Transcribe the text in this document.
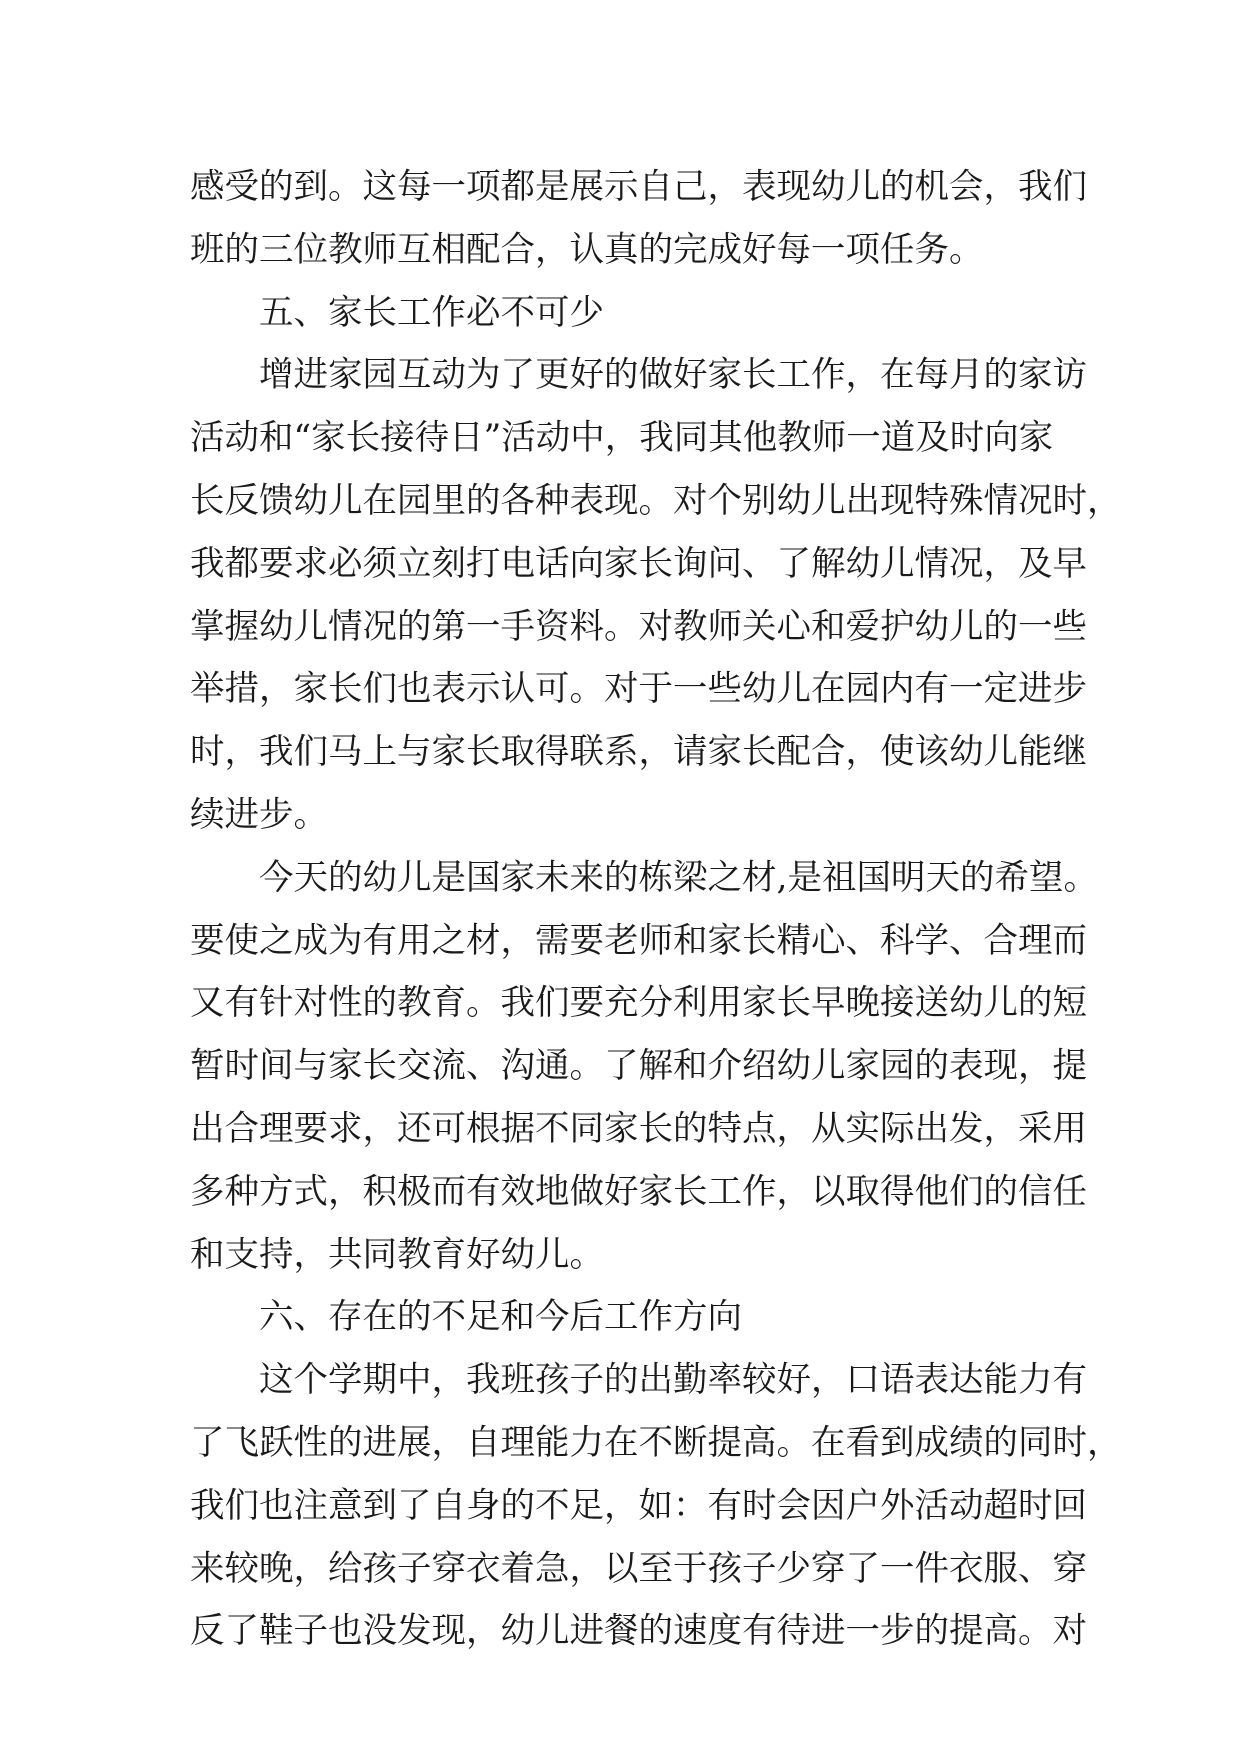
感受的到。这每一项都是展示自己，表现幼儿的机会，我们
班的三位教师互相配合，认真的完成好每一项任务。
五、家长工作必不可少
增进家园互动为了更好的做好家长工作，在每月的家访
活动和“家长接待日”活动中，我同其他教师一道及时向家
长反馈幼儿在园里的各种表现。对个别幼儿出现特殊情况时，
我都要求必须立刻打电话向家长询问、了解幼儿情况，及早
掌握幼儿情况的第一手资料。对教师关心和爱护幼儿的一些
举措，家长们也表示认可。对于一些幼儿在园内有一定进步
时，我们马上与家长取得联系，请家长配合，使该幼儿能继
续进步。
今天的幼儿是国家未来的栋梁之材,是祖国明天的希望。
要使之成为有用之材，需要老师和家长精心、科学、合理而
又有针对性的教育。我们要充分利用家长早晚接送幼儿的短
暂时间与家长交流、沟通。了解和介绍幼儿家园的表现，提
出合理要求，还可根据不同家长的特点，从实际出发，采用
多种方式，积极而有效地做好家长工作，以取得他们的信任
和支持，共同教育好幼儿。
六、存在的不足和今后工作方向
这个学期中，我班孩子的出勤率较好，口语表达能力有
了飞跃性的进展，自理能力在不断提高。在看到成绩的同时，
我们也注意到了自身的不足，如：有时会因户外活动超时回
来较晚，给孩子穿衣着急，以至于孩子少穿了一件衣服、穿
反了鞋子也没发现，幼儿进餐的速度有待进一步的提高。对
